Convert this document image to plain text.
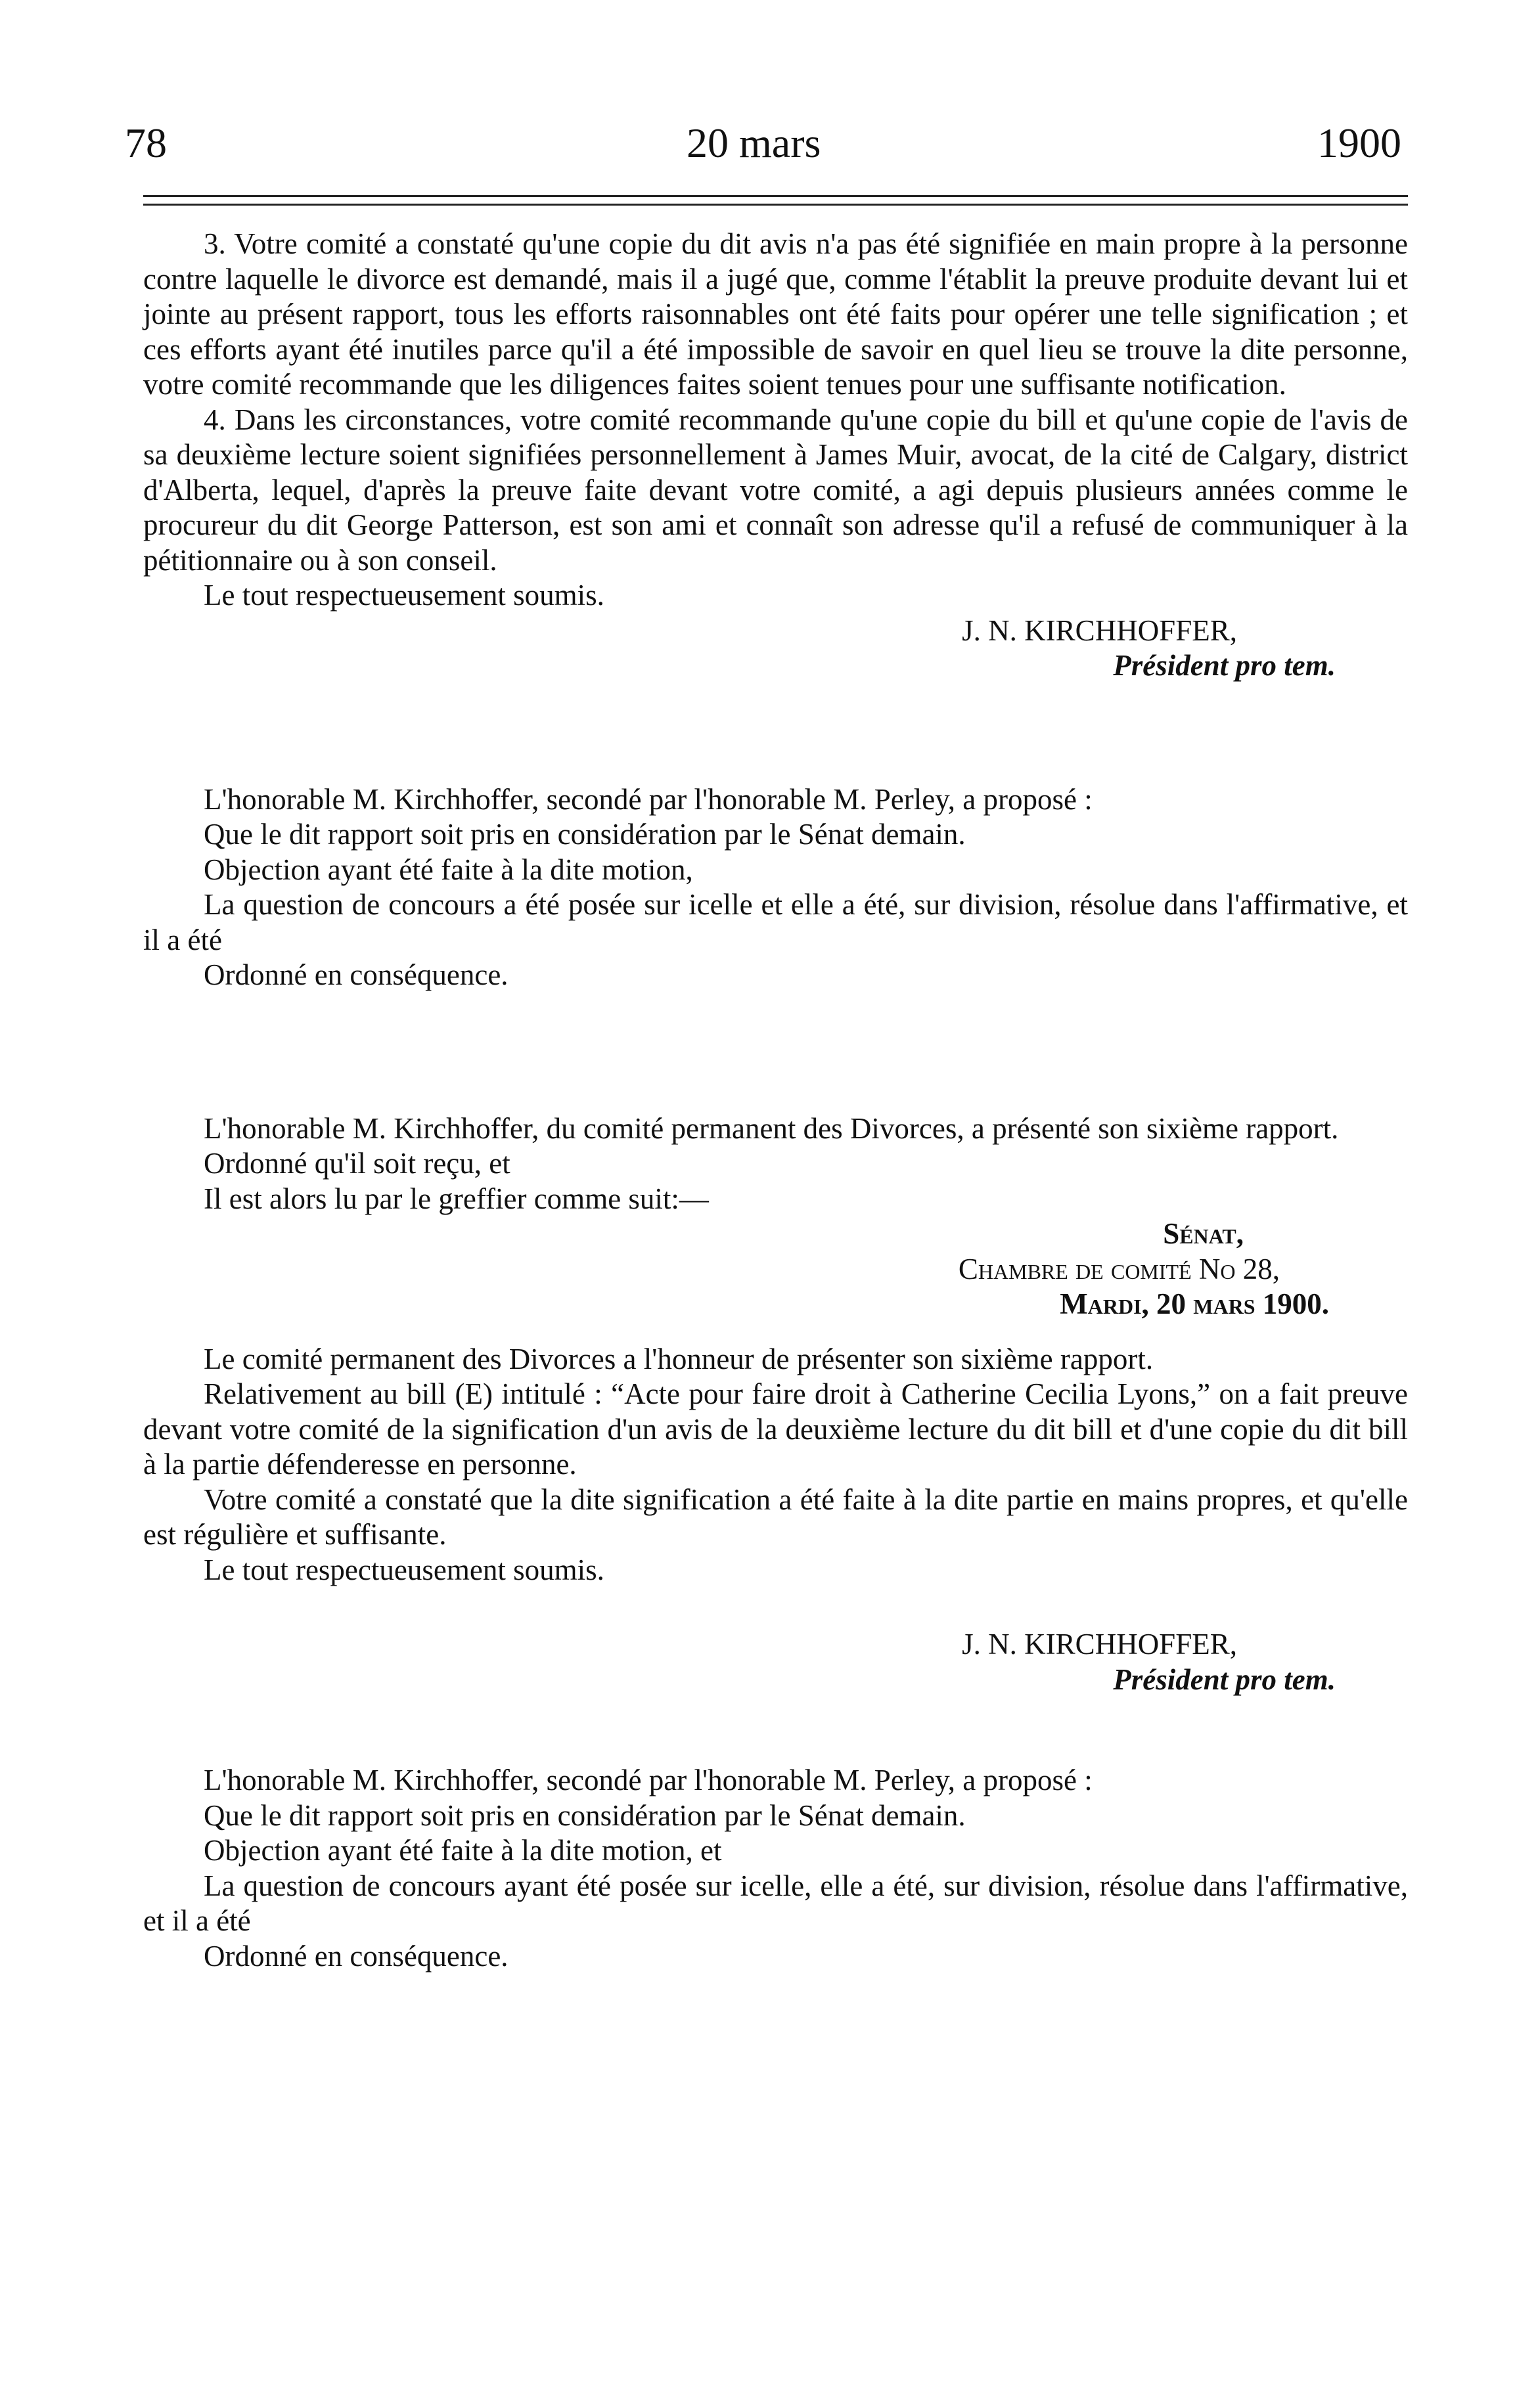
78	20 mars	1900

3. Votre comité a constaté qu'une copie du dit avis n'a pas été signifiée en main propre à la personne contre laquelle le divorce est demandé, mais il a jugé que, comme l'établit la preuve produite devant lui et jointe au présent rapport, tous les efforts raisonnables ont été faits pour opérer une telle signification ; et ces efforts ayant été inutiles parce qu'il a été impossible de savoir en quel lieu se trouve la dite personne, votre comité recommande que les diligences faites soient tenues pour une suffisante notification.

4. Dans les circonstances, votre comité recommande qu'une copie du bill et qu'une copie de l'avis de sa deuxième lecture soient signifiées personnellement à James Muir, avocat, de la cité de Calgary, district d'Alberta, lequel, d'après la preuve faite devant votre comité, a agi depuis plusieurs années comme le procureur du dit George Patterson, est son ami et connaît son adresse qu'il a refusé de communiquer à la pétitionnaire ou à son conseil.

Le tout respectueusement soumis.

J. N. KIRCHHOFFER,

Président pro tem.

L'honorable M. Kirchhoffer, secondé par l'honorable M. Perley, a proposé :

Que le dit rapport soit pris en considération par le Sénat demain.

Objection ayant été faite à la dite motion,

La question de concours a été posée sur icelle et elle a été, sur division, résolue dans l'affirmative, et il a été

Ordonné en conséquence.

L'honorable M. Kirchhoffer, du comité permanent des Divorces, a présenté son sixième rapport.

Ordonné qu'il soit reçu, et

Il est alors lu par le greffier comme suit:—

Sénat,

Chambre de comité No 28,

Mardi, 20 mars 1900.

Le comité permanent des Divorces a l'honneur de présenter son sixième rapport.

Relativement au bill (E) intitulé : “Acte pour faire droit à Catherine Cecilia Lyons,” on a fait preuve devant votre comité de la signification d'un avis de la deuxième lecture du dit bill et d'une copie du dit bill à la partie défenderesse en personne.

Votre comité a constaté que la dite signification a été faite à la dite partie en mains propres, et qu'elle est régulière et suffisante.

Le tout respectueusement soumis.

J. N. KIRCHHOFFER,

Président pro tem.

L'honorable M. Kirchhoffer, secondé par l'honorable M. Perley, a proposé :

Que le dit rapport soit pris en considération par le Sénat demain.

Objection ayant été faite à la dite motion, et

La question de concours ayant été posée sur icelle, elle a été, sur division, résolue dans l'affirmative, et il a été

Ordonné en conséquence.
